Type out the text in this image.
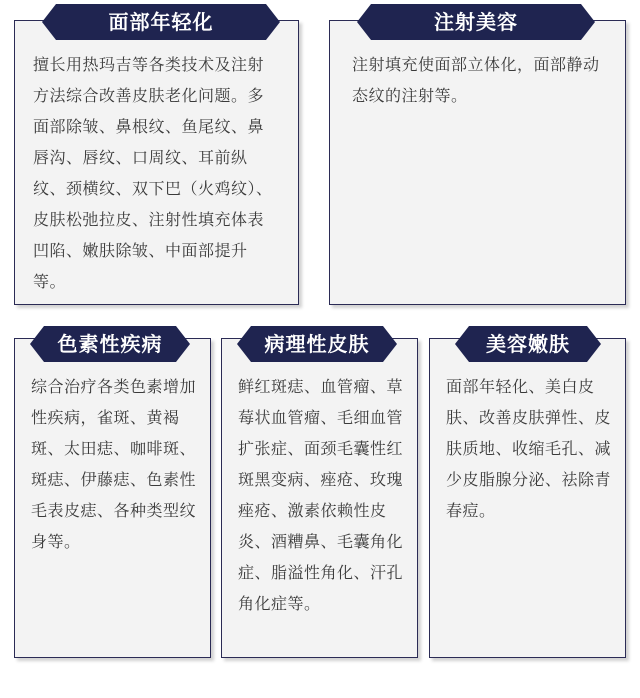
擅长用热玛吉等各类技术及注射方法综合改善皮肤老化问题。多面部除皱、鼻根纹、鱼尾纹、鼻唇沟、唇纹、口周纹、耳前纵纹、颈横纹、双下巴（火鸡纹）、皮肤松弛拉皮、注射性填充体表凹陷、嫩肤除皱、中面部提升等。
面部年轻化
注射填充使面部立体化，面部静动态纹的注射等。
注射美容
综合治疗各类色素增加性疾病，雀斑、黄褐斑、太田痣、咖啡斑、斑痣、伊藤痣、色素性毛表皮痣、各种类型纹身等。
色素性疾病
鲜红斑痣、血管瘤、草莓状血管瘤、毛细血管扩张症、面颈毛囊性红斑黑变病、痤疮、玫瑰痤疮、激素依赖性皮炎、酒糟鼻、毛囊角化症、脂溢性角化、汗孔角化症等。
病理性皮肤
面部年轻化、美白皮肤、改善皮肤弹性、皮肤质地、收缩毛孔、减少皮脂腺分泌、祛除青春痘。
美容嫩肤
